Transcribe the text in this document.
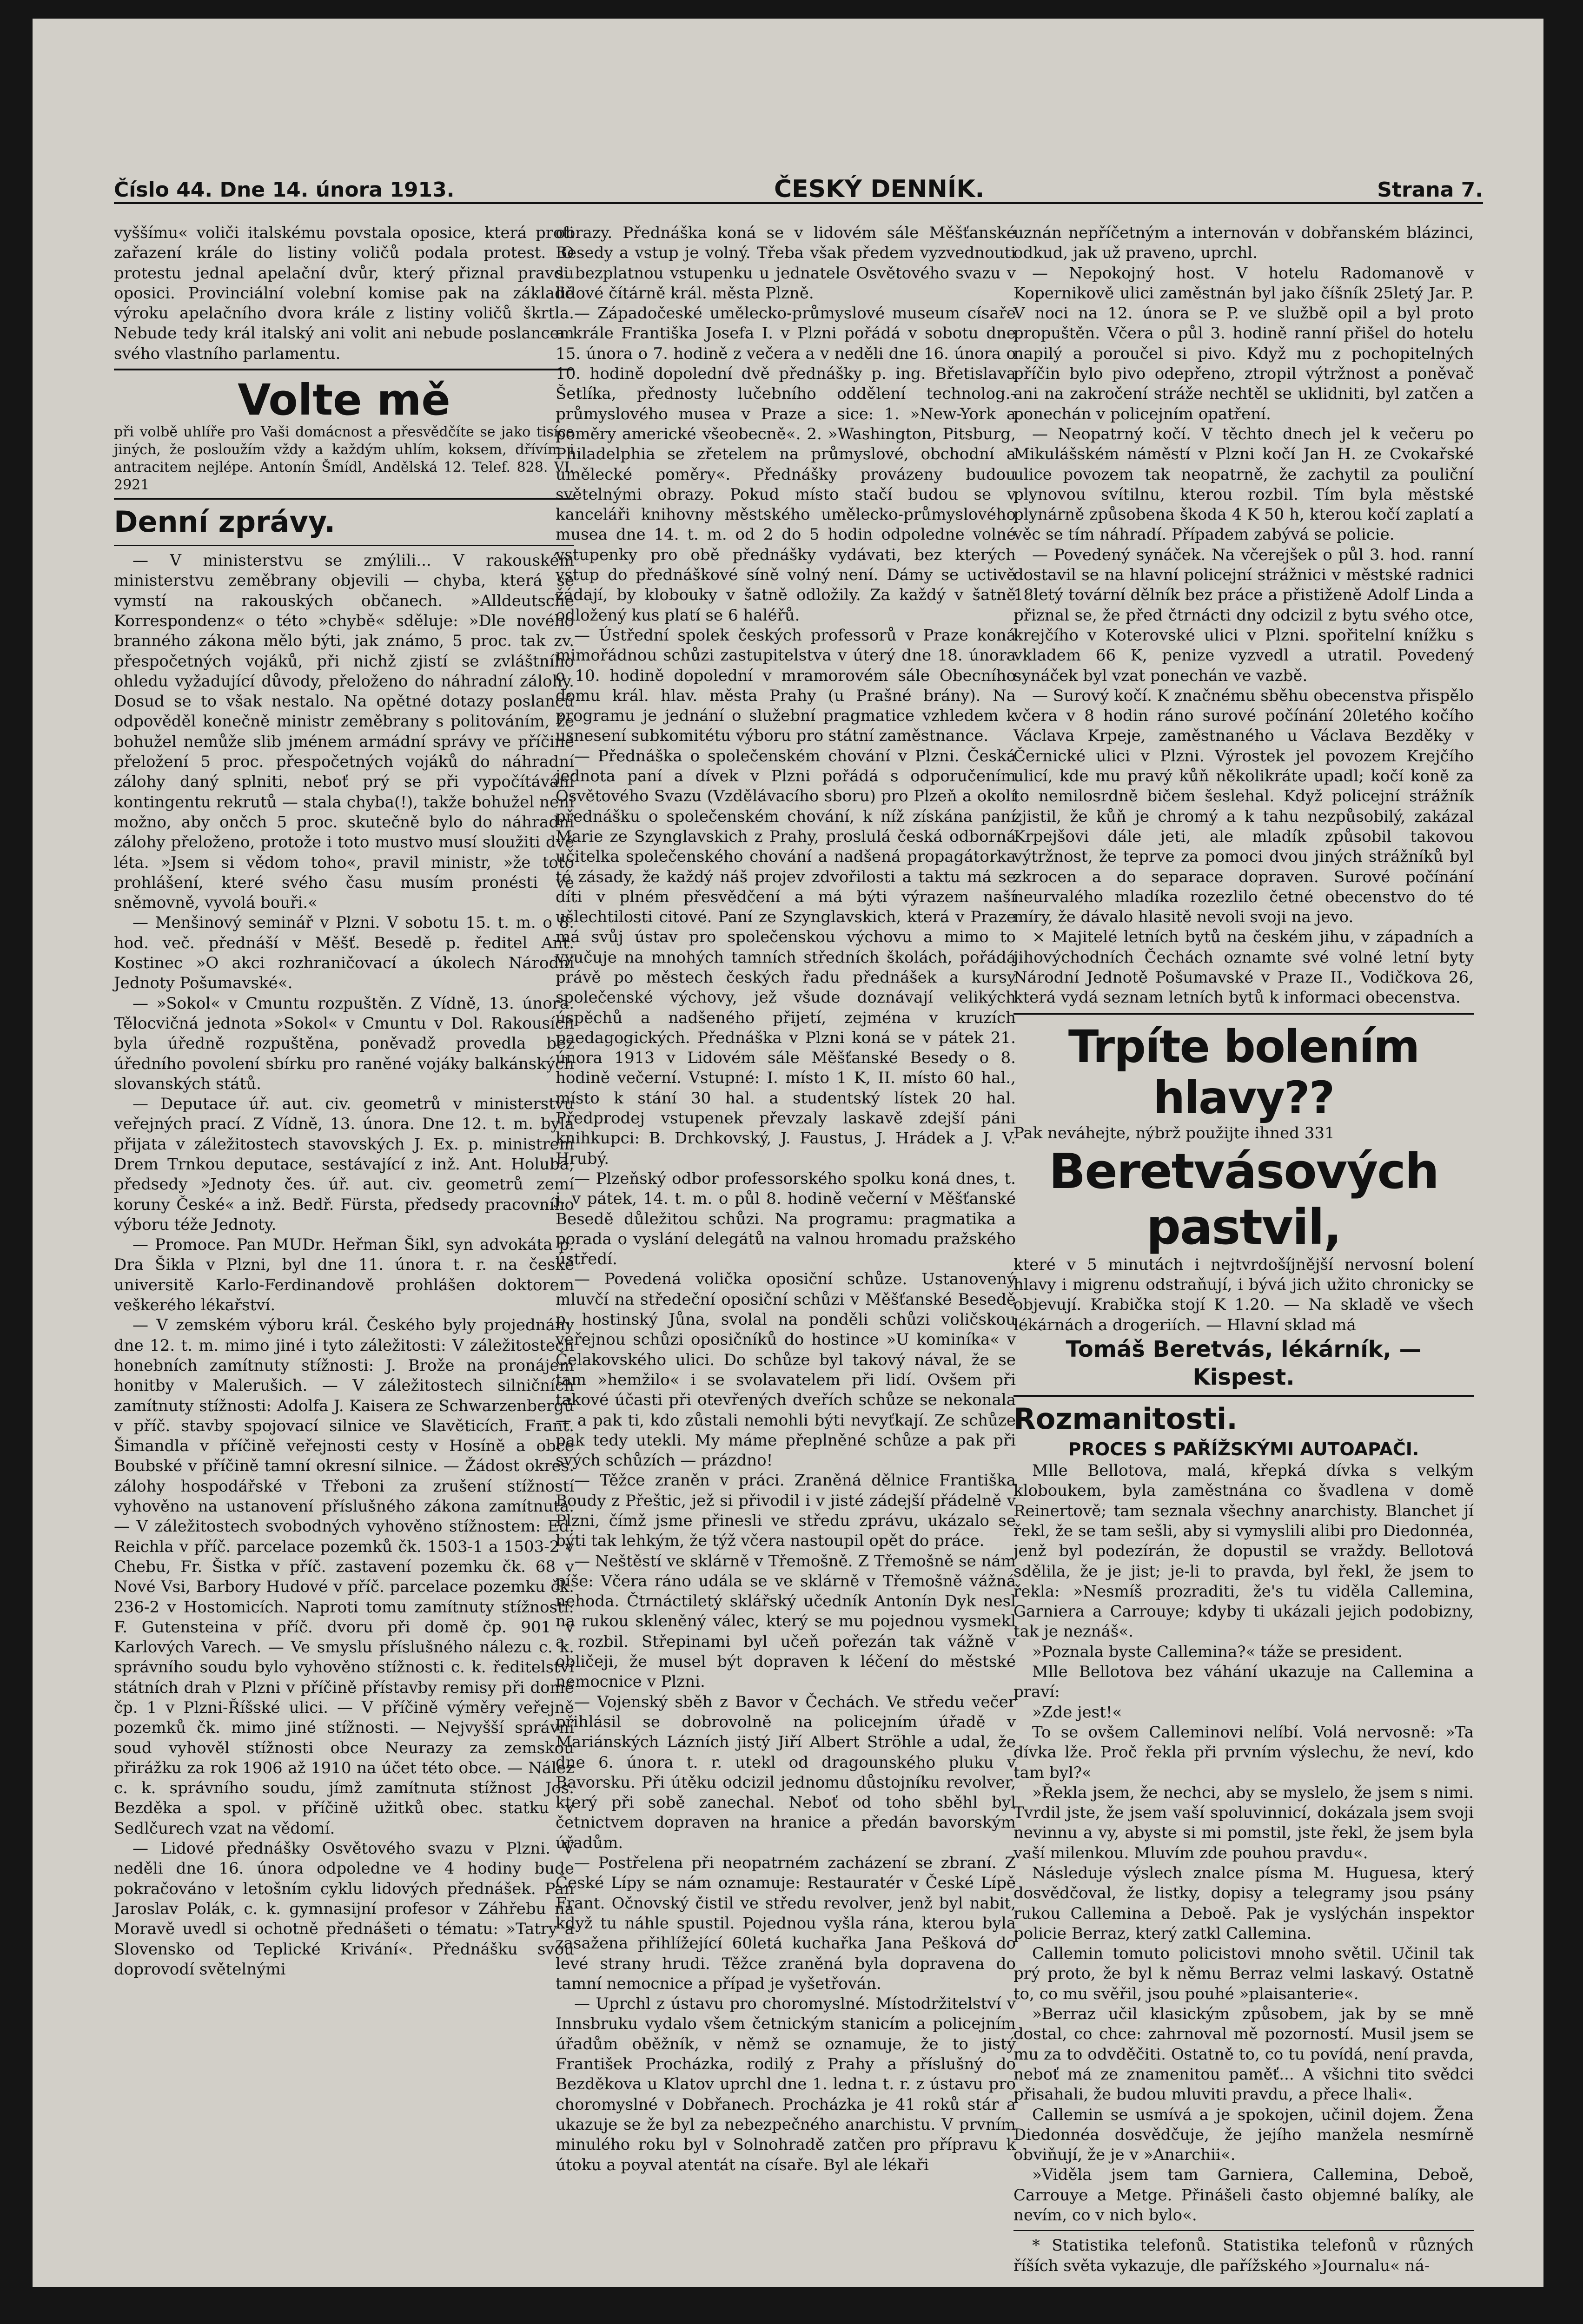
Číslo 44. Dne 14. února 1913.	ČESKÝ DENNÍK.	Strana 7.

vyššímu« voliči italskému povstala oposice, která proti zařazení krále do listiny voličů podala protest. O protestu jednal apelační dvůr, který přiznal pravdu oposici. Provinciální volební komise pak na základě výroku apelačního dvora krále z listiny voličů škrtla. Nebude tedy král italský ani volit ani nebude poslancem svého vlastního parlamentu.

Volte mě

při volbě uhlíře pro Vaši domácnost a přesvědčíte se jako tisíce jiných, že posloužím vždy a každým uhlím, koksem, dřívím i antracitem nejlépe. Antonín Šmídl, Andělská 12. Telef. 828. VI. 2921

Denní zprávy.

— V ministerstvu se zmýlili... V rakouském ministerstvu zeměbrany objevili — chyba, která se vymstí na rakouských občanech. »Alldeutsche Korrespondenz« o této »chybě« sděluje: »Dle nového branného zákona mělo býti, jak známo, 5 proc. tak zv. přespočetných vojáků, při nichž zjistí se zvláštního ohledu vyžadující důvody, přeloženo do náhradní zálohy. Dosud se to však nestalo. Na opětné dotazy poslanců odpověděl konečně ministr zeměbrany s politováním, že bohužel nemůže slib jménem armádní správy ve příčině přeložení 5 proc. přespočetných vojáků do náhradní zálohy daný splniti, neboť prý se při vypočítávání kontingentu rekrutů — stala chyba(!), takže bohužel není možno, aby ončch 5 proc. skutečně bylo do náhradní zálohy přeloženo, protože i toto mustvo musí sloužiti dvě léta. »Jsem si vědom toho«, pravil ministr, »že toto prohlášení, které svého času musím pronésti ve sněmovně, vyvolá bouři.«

— Menšinový seminář v Plzni. V sobotu 15. t. m. o 8. hod. več. přednáší v Měšť. Besedě p. ředitel Ant. Kostinec »O akci rozhraničovací a úkolech Národní Jednoty Pošumavské«.

— »Sokol« v Cmuntu rozpuštěn. Z Vídně, 13. února. Tělocvičná jednota »Sokol« v Cmuntu v Dol. Rakousích byla úředně rozpuštěna, poněvadž provedla bez úředního povolení sbírku pro raněné vojáky balkánských slovanských států.

— Deputace úř. aut. civ. geometrů v ministerstvu veřejných prací. Z Vídně, 13. února. Dne 12. t. m. byla přijata v záležitostech stavovských J. Ex. p. ministrem Drem Trnkou deputace, sestávající z inž. Ant. Holuba, předsedy »Jednoty čes. úř. aut. civ. geometrů zemí koruny České« a inž. Bedř. Fürsta, předsedy pracovního výboru téže Jednoty.

— Promoce. Pan MUDr. Heřman Šikl, syn advokáta p. Dra Šikla v Plzni, byl dne 11. února t. r. na české universitě Karlo-Ferdinandově prohlášen doktorem veškerého lékařství.

— V zemském výboru král. Českého byly projednány dne 12. t. m. mimo jiné i tyto záležitosti: V záležitostech honebních zamítnuty stížnosti: J. Brože na pronájem honitby v Malerušich. — V záležitostech silničních zamítnuty stížnosti: Adolfa J. Kaisera ze Schwarzenbergů v příč. stavby spojovací silnice ve Slavěticích, Frant. Šimandla v příčině veřejnosti cesty v Hosíně a obce Boubské v příčině tamní okresní silnice. — Žádost okres. zálohy hospodářské v Třeboni za zrušení stížností vyhověno na ustanovení příslušného zákona zamítnuta. — V záležitostech svobodných vyhověno stížnostem: Ed. Reichla v příč. parcelace pozemků čk. 1503-1 a 1503-2 v Chebu, Fr. Šistka v příč. zastavení pozemku čk. 68 v Nové Vsi, Barbory Hudové v příč. parcelace pozemku čk. 236-2 v Hostomicích. Naproti tomu zamítnuty stížnosti: F. Gutensteina v příč. dvoru při domě čp. 901 v Karlových Varech. — Ve smyslu příslušného nálezu c. k. správního soudu bylo vyhověno stížnosti c. k. ředitelství státních drah v Plzni v příčině přístavby remisy při domě čp. 1 v Plzni-Říšské ulici. — V příčině výměry veřejně pozemků čk. mimo jiné stížnosti. — Nejvyšší správní soud vyhověl stížnosti obce Neurazy za zemskou přirážku za rok 1906 až 1910 na účet této obce. — Nález c. k. správního soudu, jímž zamítnuta stížnost Jos. Bezděka a spol. v příčině užitků obec. statku v Sedlčurech vzat na vědomí.

— Lidové přednášky Osvětového svazu v Plzni. V neděli dne 16. února odpoledne ve 4 hodiny bude pokračováno v letošním cyklu lidových přednášek. Pan Jaroslav Polák, c. k. gymnasijní profesor v Záhřebu na Moravě uvedl si ochotně přednášeti o tématu: »Tatry a Slovensko od Teplické Krivání«. Přednášku svou doprovodí světelnými

obrazy. Přednáška koná se v lidovém sále Měšťanské Besedy a vstup je volný. Třeba však předem vyzvednouti si bezplatnou vstupenku u jednatele Osvětového svazu v lidové čítárně král. města Plzně.

— Západočeské umělecko-průmyslové museum císaře a krále Františka Josefa I. v Plzni pořádá v sobotu dne 15. února o 7. hodině z večera a v neděli dne 16. února o 10. hodině dopolední dvě přednášky p. ing. Břetislava Šetlíka, přednosty lučebního oddělení technolog.-průmyslového musea v Praze a sice: 1. »New-York a poměry americké všeobecně«. 2. »Washington, Pitsburg, Philadelphia se zřetelem na průmyslové, obchodní a umělecké poměry«. Přednášky provázeny budou světelnými obrazy. Pokud místo stačí budou se v kanceláři knihovny městského umělecko-průmyslového musea dne 14. t. m. od 2 do 5 hodin odpoledne volné vstupenky pro obě přednášky vydávati, bez kterých vstup do přednáškové síně volný není. Dámy se uctivě žádají, by klobouky v šatně odložily. Za každý v šatně odložený kus platí se 6 haléřů.

— Ústřední spolek českých professorů v Praze koná mimořádnou schůzi zastupitelstva v úterý dne 18. února o 10. hodině dopolední v mramorovém sále Obecního domu král. hlav. města Prahy (u Prašné brány). Na programu je jednání o služební pragmatice vzhledem k usnesení subkomitétu výboru pro státní zaměstnance.

— Přednáška o společenském chování v Plzni. Česká jednota paní a dívek v Plzni pořádá s odporučením Osvětového Svazu (Vzdělávacího sboru) pro Plzeň a okolí přednášku o společenském chování, k níž získána paní Marie ze Szynglavskich z Prahy, proslulá česká odborná učitelka společenského chování a nadšená propagátorka té zásady, že každý náš projev zdvořilosti a taktu má se díti v plném přesvědčení a má býti výrazem naší ušlechtilosti citové. Paní ze Szynglavskich, která v Praze má svůj ústav pro společenskou výchovu a mimo to vyučuje na mnohých tamních středních školách, pořádá právě po městech českých řadu přednášek a kursy společenské výchovy, jež všude doznávají velikých úspěchů a nadšeného přijetí, zejména v kruzích paedagogických. Přednáška v Plzni koná se v pátek 21. února 1913 v Lidovém sále Měšťanské Besedy o 8. hodině večerní. Vstupné: I. místo 1 K, II. místo 60 hal., místo k stání 30 hal. a studentský lístek 20 hal. Předprodej vstupenek převzaly laskavě zdejší páni knihkupci: B. Drchkovský, J. Faustus, J. Hrádek a J. V. Hrubý.

— Plzeňský odbor professorského spolku koná dnes, t. j. v pátek, 14. t. m. o půl 8. hodině večerní v Měšťanské Besedě důležitou schůzi. Na programu: pragmatika a porada o vyslání delegátů na valnou hromadu pražského ústředí.

— Povedená volička oposiční schůze. Ustanovený mluvčí na středeční oposiční schůzi v Měšťanské Besedě p. hostinský Jůna, svolal na ponděli schůzi voličskou veřejnou schůzi oposičníků do hostince »U kominíka« v Čelakovského ulici. Do schůze byl takový nával, že se tam »hemžilo« i se svolavatelem při lidí. Ovšem při takové účasti při otevřených dveřích schůze se nekonala — a pak ti, kdo zůstali nemohli býti nevyťkají. Ze schůze pak tedy utekli. My máme přeplněné schůze a pak při svých schůzích — prázdno!

— Těžce zraněn v práci. Zraněná dělnice Františka Boudy z Přeštic, jež si přivodil i v jisté zádejší přádelně v Plzni, čímž jsme přinesli ve středu zprávu, ukázalo se býti tak lehkým, že týž včera nastoupil opět do práce.

— Neštěstí ve sklárně v Třemošně. Z Třemošně se nám píše: Včera ráno udála se ve sklárně v Třemošně vážná nehoda. Čtrnáctiletý sklářský učedník Antonín Dyk nesl na rukou skleněný válec, který se mu pojednou vysmekl a rozbil. Střepinami byl učeň pořezán tak vážně v obličeji, že musel být dopraven k léčení do městské nemocnice v Plzni.

— Vojenský sběh z Bavor v Čechách. Ve středu večer přihlásil se dobrovolně na policejním úřadě v Mariánských Lázních jistý Jiří Albert Ströhle a udal, že dne 6. února t. r. utekl od dragounského pluku v Bavorsku. Při útěku odcizil jednomu důstojníku revolver, který při sobě zanechal. Neboť od toho sběhl byl četnictvem dopraven na hranice a předán bavorským úřadům.

— Postřelena při neopatrném zacházení se zbraní. Z České Lípy se nám oznamuje: Restauratér v České Lípě Frant. Očnovský čistil ve středu revolver, jenž byl nabit, když tu náhle spustil. Pojednou vyšla rána, kterou byla zasažena přihlížející 60letá kuchařka Jana Pešková do levé strany hrudi. Těžce zraněná byla dopravena do tamní nemocnice a případ je vyšetřován.

— Uprchl z ústavu pro choromyslné. Místodržitelství v Innsbruku vydalo všem četnickým stanicím a policejním úřadům oběžník, v němž se oznamuje, že to jistý František Procházka, rodilý z Prahy a příslušný do Bezděkova u Klatov uprchl dne 1. ledna t. r. z ústavu pro choromyslné v Dobřanech. Procházka je 41 roků stár a ukazuje se že byl za nebezpečného anarchistu. V prvním minulého roku byl v Solnohradě zatčen pro přípravu k útoku a poyval atentát na císaře. Byl ale lékaři

uznán nepříčetným a internován v dobřanském blázinci, odkud, jak už praveno, uprchl.

— Nepokojný host. V hotelu Radomanově v Kopernikově ulici zaměstnán byl jako číšník 25letý Jar. P. V noci na 12. února se P. ve službě opil a byl proto propuštěn. Včera o půl 3. hodině ranní přišel do hotelu napilý a poroučel si pivo. Když mu z pochopitelných příčin bylo pivo odepřeno, ztropil výtržnost a poněvač ani na zakročení stráže nechtěl se uklidniti, byl zatčen a ponechán v policejním opatření.

— Neopatrný kočí. V těchto dnech jel k večeru po Mikulášském náměstí v Plzni kočí Jan H. ze Cvokařské ulice povozem tak neopatrně, že zachytil za pouliční plynovou svítilnu, kterou rozbil. Tím byla městské plynárně způsobena škoda 4 K 50 h, kterou kočí zaplatí a věc se tím náhradí. Případem zabývá se policie.

— Povedený synáček. Na včerejšek o půl 3. hod. ranní dostavil se na hlavní policejní strážnici v městské radnici 18letý tovární dělník bez práce a přistiženě Adolf Linda a přiznal se, že před čtrnácti dny odcizil z bytu svého otce, krejčího v Koterovské ulici v Plzni. spořitelní knížku s vkladem 66 K, penize vyzvedl a utratil. Povedený synáček byl vzat ponechán ve vazbě.

— Surový kočí. K značnému sběhu obecenstva přispělo včera v 8 hodin ráno surové počínání 20letého kočího Václava Krpeje, zaměstnaného u Václava Bezděky v Černické ulici v Plzni. Výrostek jel povozem Krejčího ulicí, kde mu pravý kůň několikráte upadl; kočí koně za to nemilosrdně bičem šeslehal. Když policejní strážník zjistil, že kůň je chromý a k tahu nezpůsobilý, zakázal Krpejšovi dále jeti, ale mladík způsobil takovou výtržnost, že teprve za pomoci dvou jiných strážníků byl zkrocen a do separace dopraven. Surové počínání neurvalého mladíka rozezlilo četné obecenstvo do té míry, že dávalo hlasitě nevoli svoji na jevo.

× Majitelé letních bytů na českém jihu, v západních a jihovýchodních Čechách oznamte své volné letní byty Národní Jednotě Pošumavské v Praze II., Vodičkova 26, která vydá seznam letních bytů k informaci obecenstva.

Trpíte bolením hlavy??

Pak neváhejte, nýbrž použijte ihned 331

Beretvásových pastvil,

které v 5 minutách i nejtvrdošíjnější nervosní bolení hlavy i migrenu odstraňují, i bývá jich užito chronicky se objevují. Krabička stojí K 1.20. — Na skladě ve všech lékárnách a drogeriích. — Hlavní sklad má

Tomáš Beretvás, lékárník, — Kispest.
Rozmanitosti.
PROCES S PAŘÍŽSKÝMI AUTOAPAČI.

Mlle Bellotova, malá, křepká dívka s velkým kloboukem, byla zaměstnána co švadlena v domě Reinertově; tam seznala všechny anarchisty. Blanchet jí řekl, že se tam sešli, aby si vymyslili alibi pro Diedonnéa, jenž byl podezírán, že dopustil se vraždy. Bellotová sdělila, že je jist; je-li to pravda, byl řekl, že jsem to řekla: »Nesmíš prozraditi, že's tu viděla Callemina, Garniera a Carrouye; kdyby ti ukázali jejich podobizny, tak je neznáš«.

»Poznala byste Callemina?« táže se president.

Mlle Bellotova bez váhání ukazuje na Callemina a praví:

»Zde jest!«

To se ovšem Calleminovi nelíbí. Volá nervosně: »Ta dívka lže. Proč řekla při prvním výslechu, že neví, kdo tam byl?«

»Řekla jsem, že nechci, aby se myslelo, že jsem s nimi. Tvrdil jste, že jsem vaší spoluvinnicí, dokázala jsem svoji nevinnu a vy, abyste si mi pomstil, jste řekl, že jsem byla vaší milenkou. Mluvím zde pouhou pravdu«.

Následuje výslech znalce písma M. Huguesa, který dosvědčoval, že listky, dopisy a telegramy jsou psány rukou Callemina a Deboě. Pak je vyslýchán inspektor policie Berraz, který zatkl Callemina.

Callemin tomuto policistovi mnoho světil. Učinil tak prý proto, že byl k němu Berraz velmi laskavý. Ostatně to, co mu svěřil, jsou pouhé »plaisanterie«.

»Berraz učil klasickým způsobem, jak by se mně dostal, co chce: zahrnoval mě pozorností. Musil jsem se mu za to odvděčiti. Ostatně to, co tu povídá, není pravda, neboť má ze znamenitou paměť... A všichni tito svědci přisahali, že budou mluviti pravdu, a přece lhali«.

Callemin se usmívá a je spokojen, učinil dojem. Žena Diedonnéa dosvědčuje, že jejího manžela nesmírně obviňují, že je v »Anarchii«.

»Viděla jsem tam Garniera, Callemina, Deboě, Carrouye a Metge. Přinášeli často objemné balíky, ale nevím, co v nich bylo«.

* Statistika telefonů. Statistika telefonů v různých říších světa vykazuje, dle pařížského »Journalu« ná-
